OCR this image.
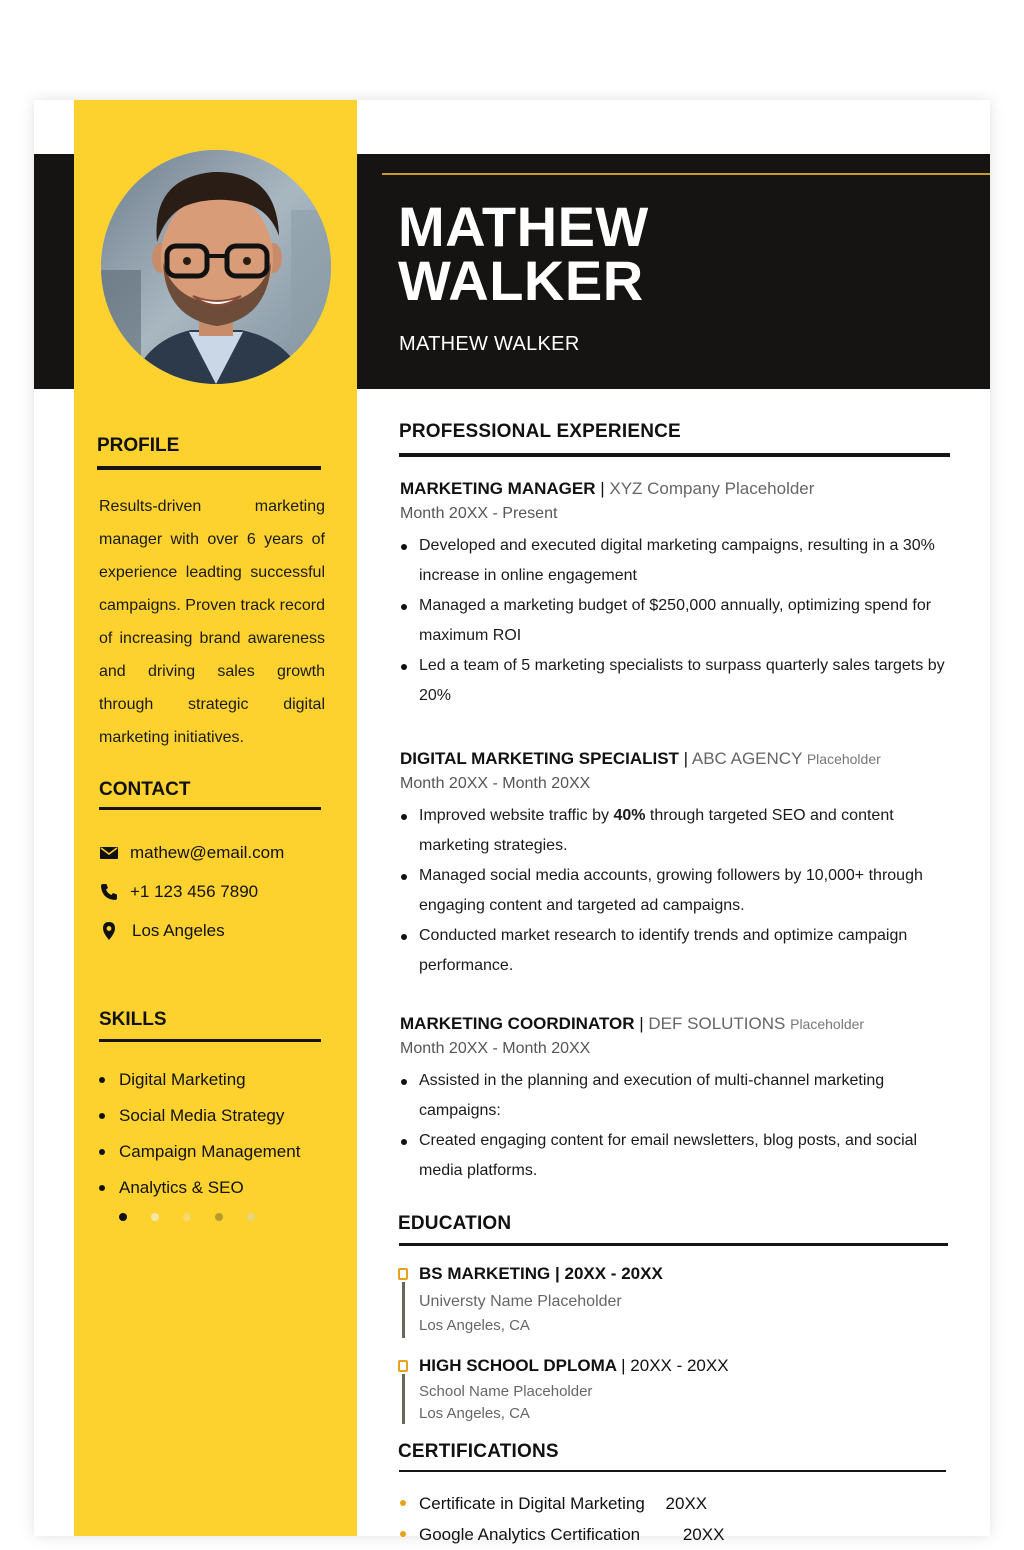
MATHEW
WALKER
MATHEW WALKER
PROFILE
Results-driven marketing manager with over 6 years of experience leadting successful campaigns. Proven track record of increasing brand awareness and driving sales growth through strategic digital marketing initiatives.
CONTACT
mathew@email.com
+1 123 456 7890
Los Angeles
SKILLS
Digital Marketing
Social Media Strategy
Campaign Management
Analytics & SEO
PROFESSIONAL EXPERIENCE
MARKETING MANAGER | XYZ Company Placeholder
Month 20XX - Present
Developed and executed digital marketing campaigns, resulting in a 30% increase in online engagement
Managed a marketing budget of $250,000 annually, optimizing spend for maximum ROI
Led a team of 5 marketing specialists to surpass quarterly sales targets by 20%
DIGITAL MARKETING SPECIALIST | ABC AGENCY Placeholder
Month 20XX - Month 20XX
Improved website traffic by 40% through targeted SEO and content marketing strategies.
Managed social media accounts, growing followers by 10,000+ through engaging content and targeted ad campaigns.
Conducted market research to identify trends and optimize campaign performance.
MARKETING COORDINATOR | DEF SOLUTIONS Placeholder
Month 20XX - Month 20XX
Assisted in the planning and execution of multi-channel marketing campaigns:
Created engaging content for email newsletters, blog posts, and social media platforms.
EDUCATION
BS MARKETING | 20XX - 20XX
Universty Name Placeholder
Los Angeles, CA
HIGH SCHOOL DPLOMA | 20XX - 20XX
School Name Placeholder
Los Angeles, CA
CERTIFICATIONS
Certificate in Digital Marketing 20XX
Google Analytics Certification	20XX
